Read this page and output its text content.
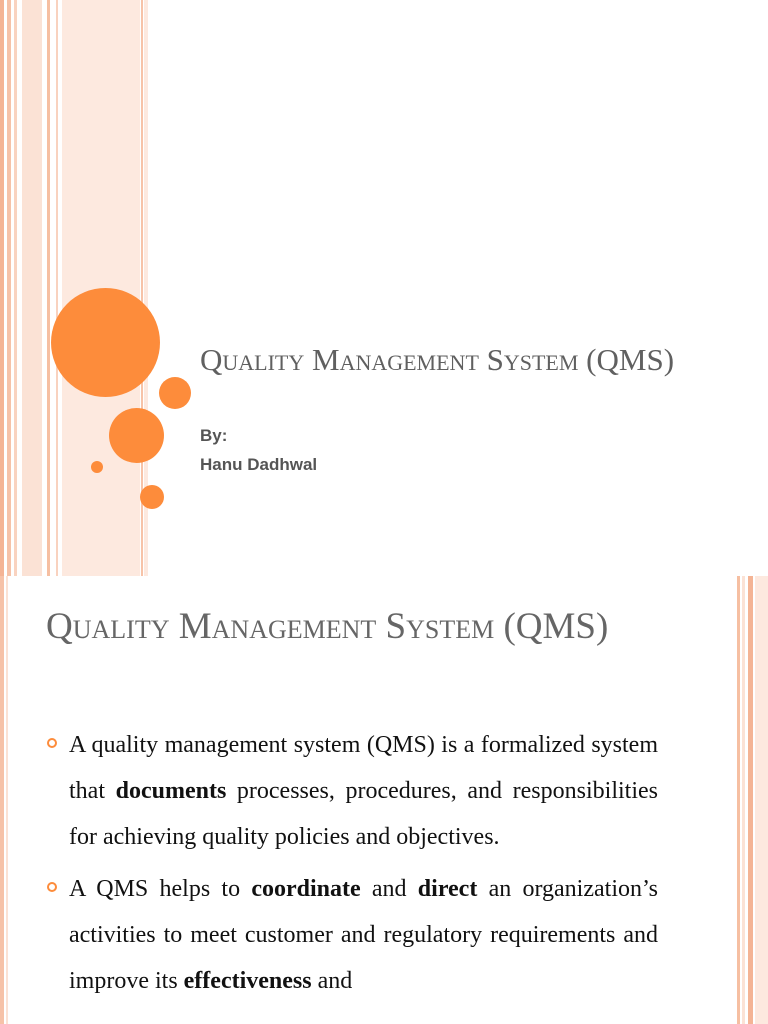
Quality Management System (QMS)
By:
Hanu Dadhwal
Quality Management System (QMS)
A quality management system (QMS) is a formalized system that documents processes, procedures, and responsibilities for achieving quality policies and objectives.
A QMS helps to coordinate and direct an organization’s activities to meet customer and regulatory requirements and improve its effectiveness and
